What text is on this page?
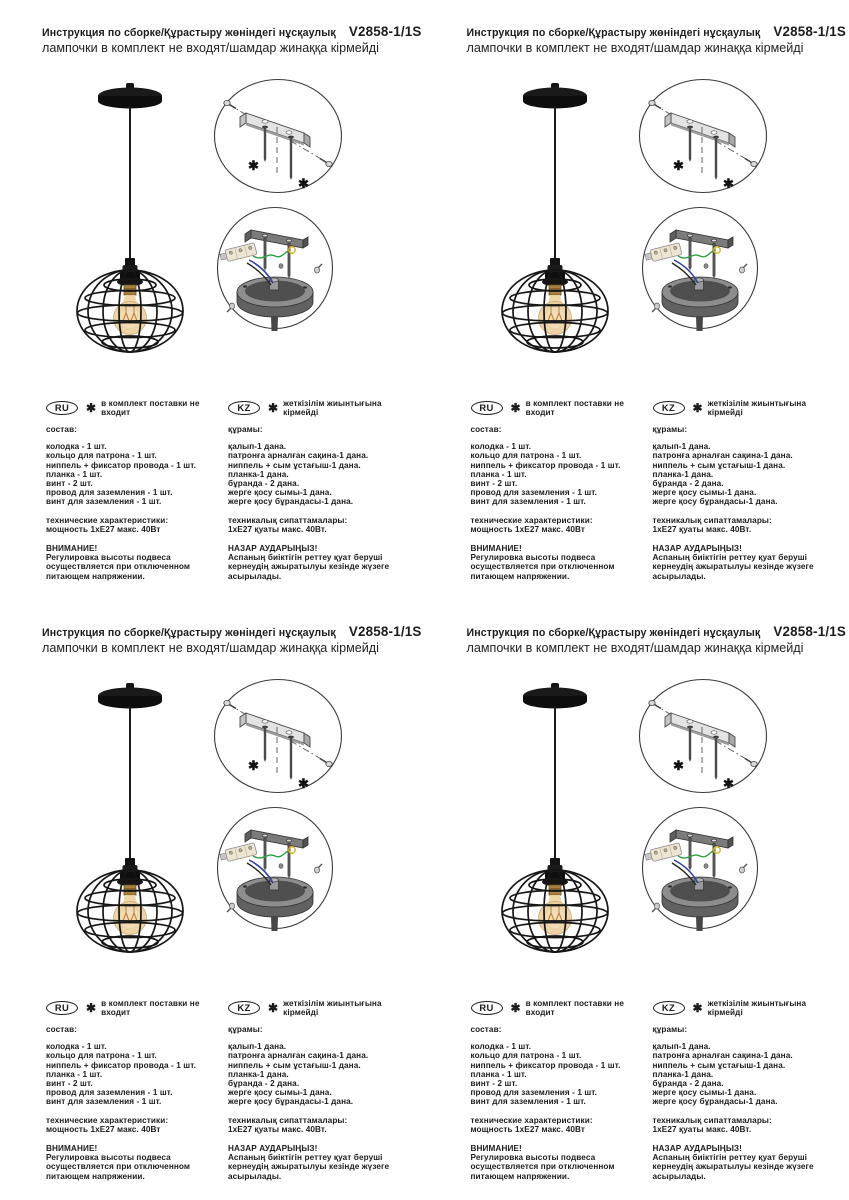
Инструкция по сборке/Құрастыру жөніндегі нұсқаулық V2858-1/1S
лампочки в комплект не входят/шамдар жинаққа кірмейді
✱
✱
RU	✱ в комплект поставки не входит
состав:
колодка - 1 шт.
кольцо для патрона - 1 шт.
ниппель + фиксатор провода - 1 шт.
планка - 1 шт.
винт - 2 шт.
провод для заземления - 1 шт.
винт для заземления - 1 шт.
технические характеристики:
мощность 1хЕ27 макс. 40Вт
ВНИМАНИЕ!
Регулировка высоты подвеса осуществляется при отключенном питающем напряжении.
KZ	✱ жеткізілім жиынтығына кірмейді
құрамы:
қалып-1 дана.
патронға арналған сақина-1 дана.
ниппель + сым ұстағыш-1 дана.
планка-1 дана.
бұранда - 2 дана.
жерге қосу сымы-1 дана.
жерге қосу бұрандасы-1 дана.
техникалық сипаттамалары:
1хЕ27 қуаты макс. 40Вт.
НАЗАР АУДАРЫҢЫЗ!
Аспаның биіктігін реттеу қуат беруші кернеудің ажыратылуы кезінде жүзеге асырылады.
Инструкция по сборке/Құрастыру жөніндегі нұсқаулық V2858-1/1S
лампочки в комплект не входят/шамдар жинаққа кірмейді
✱
✱
RU	✱ в комплект поставки не входит
состав:
колодка - 1 шт.
кольцо для патрона - 1 шт.
ниппель + фиксатор провода - 1 шт.
планка - 1 шт.
винт - 2 шт.
провод для заземления - 1 шт.
винт для заземления - 1 шт.
технические характеристики:
мощность 1хЕ27 макс. 40Вт
ВНИМАНИЕ!
Регулировка высоты подвеса осуществляется при отключенном питающем напряжении.
KZ	✱ жеткізілім жиынтығына кірмейді
құрамы:
қалып-1 дана.
патронға арналған сақина-1 дана.
ниппель + сым ұстағыш-1 дана.
планка-1 дана.
бұранда - 2 дана.
жерге қосу сымы-1 дана.
жерге қосу бұрандасы-1 дана.
техникалық сипаттамалары:
1хЕ27 қуаты макс. 40Вт.
НАЗАР АУДАРЫҢЫЗ!
Аспаның биіктігін реттеу қуат беруші кернеудің ажыратылуы кезінде жүзеге асырылады.
Инструкция по сборке/Құрастыру жөніндегі нұсқаулық V2858-1/1S
лампочки в комплект не входят/шамдар жинаққа кірмейді
✱
✱
RU	✱ в комплект поставки не входит
состав:
колодка - 1 шт.
кольцо для патрона - 1 шт.
ниппель + фиксатор провода - 1 шт.
планка - 1 шт.
винт - 2 шт.
провод для заземления - 1 шт.
винт для заземления - 1 шт.
технические характеристики:
мощность 1хЕ27 макс. 40Вт
ВНИМАНИЕ!
Регулировка высоты подвеса осуществляется при отключенном питающем напряжении.
KZ	✱ жеткізілім жиынтығына кірмейді
құрамы:
қалып-1 дана.
патронға арналған сақина-1 дана.
ниппель + сым ұстағыш-1 дана.
планка-1 дана.
бұранда - 2 дана.
жерге қосу сымы-1 дана.
жерге қосу бұрандасы-1 дана.
техникалық сипаттамалары:
1хЕ27 қуаты макс. 40Вт.
НАЗАР АУДАРЫҢЫЗ!
Аспаның биіктігін реттеу қуат беруші кернеудің ажыратылуы кезінде жүзеге асырылады.
Инструкция по сборке/Құрастыру жөніндегі нұсқаулық V2858-1/1S
лампочки в комплект не входят/шамдар жинаққа кірмейді
✱
✱
RU	✱ в комплект поставки не входит
состав:
колодка - 1 шт.
кольцо для патрона - 1 шт.
ниппель + фиксатор провода - 1 шт.
планка - 1 шт.
винт - 2 шт.
провод для заземления - 1 шт.
винт для заземления - 1 шт.
технические характеристики:
мощность 1хЕ27 макс. 40Вт
ВНИМАНИЕ!
Регулировка высоты подвеса осуществляется при отключенном питающем напряжении.
KZ	✱ жеткізілім жиынтығына кірмейді
құрамы:
қалып-1 дана.
патронға арналған сақина-1 дана.
ниппель + сым ұстағыш-1 дана.
планка-1 дана.
бұранда - 2 дана.
жерге қосу сымы-1 дана.
жерге қосу бұрандасы-1 дана.
техникалық сипаттамалары:
1хЕ27 қуаты макс. 40Вт.
НАЗАР АУДАРЫҢЫЗ!
Аспаның биіктігін реттеу қуат беруші кернеудің ажыратылуы кезінде жүзеге асырылады.
